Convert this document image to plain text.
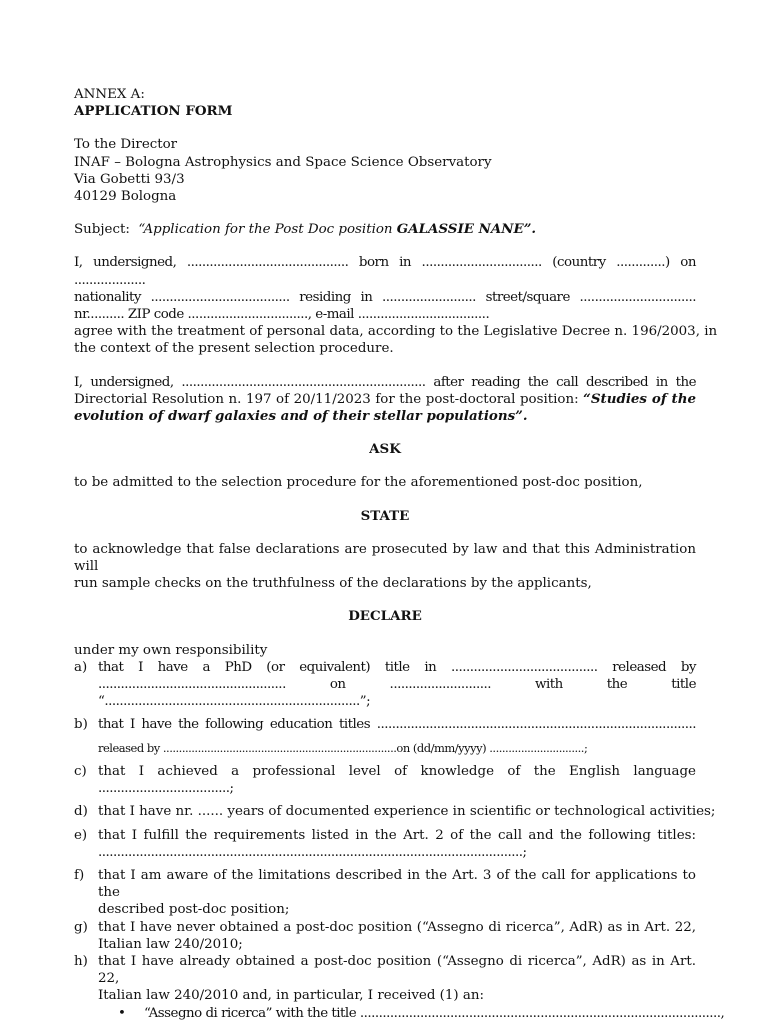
ANNEX A:
APPLICATION FORM
To the Director
INAF – Bologna Astrophysics and Space Science Observatory
Via Gobetti 93/3
40129 Bologna
Subject: “Application for the Post Doc position GALASSIE NANE”.
I, undersigned, ........................................... born in ................................ (country .............) on ...................
nationality ..................................... residing in ......................... street/square ...............................
nr.......... ZIP code ................................, e-mail ...................................
agree with the treatment of personal data, according to the Legislative Decree n. 196/2003, in
the context of the present selection procedure.
I, undersigned, ................................................................. after reading the call described in the
Directorial Resolution n. 197 of 20/11/2023 for the post-doctoral position: “Studies of the
evolution of dwarf galaxies and of their stellar populations”.
ASK
to be admitted to the selection procedure for the aforementioned post-doc position,
STATE
to acknowledge that false declarations are prosecuted by law and that this Administration will
run sample checks on the truthfulness of the declarations by the applicants,
DECLARE
under my own responsibility
a) that I have a PhD (or equivalent) title in ....................................... released by
.................................................. on ........................... with the title
“....................................................................”;
b) that I have the following education titles .....................................................................................
released by ..........................................................................on (dd/mm/yyyy) ..............................;
c) that I achieved a professional level of knowledge of the English language
...................................;
d) that I have nr. ...... years of documented experience in scientific or technological activities;
e) that I fulfill the requirements listed in the Art. 2 of the call and the following titles:
.................................................................................................................;
f) that I am aware of the limitations described in the Art. 3 of the call for applications to the
described post-doc position;
g) that I have never obtained a post-doc position (“Assegno di ricerca”, AdR) as in Art. 22,
Italian law 240/2010;
h) that I have already obtained a post-doc position (“Assegno di ricerca”, AdR) as in Art. 22,
Italian law 240/2010 and, in particular, I received (1) an:
• “Assegno di ricerca” with the title ................................................................................................,
